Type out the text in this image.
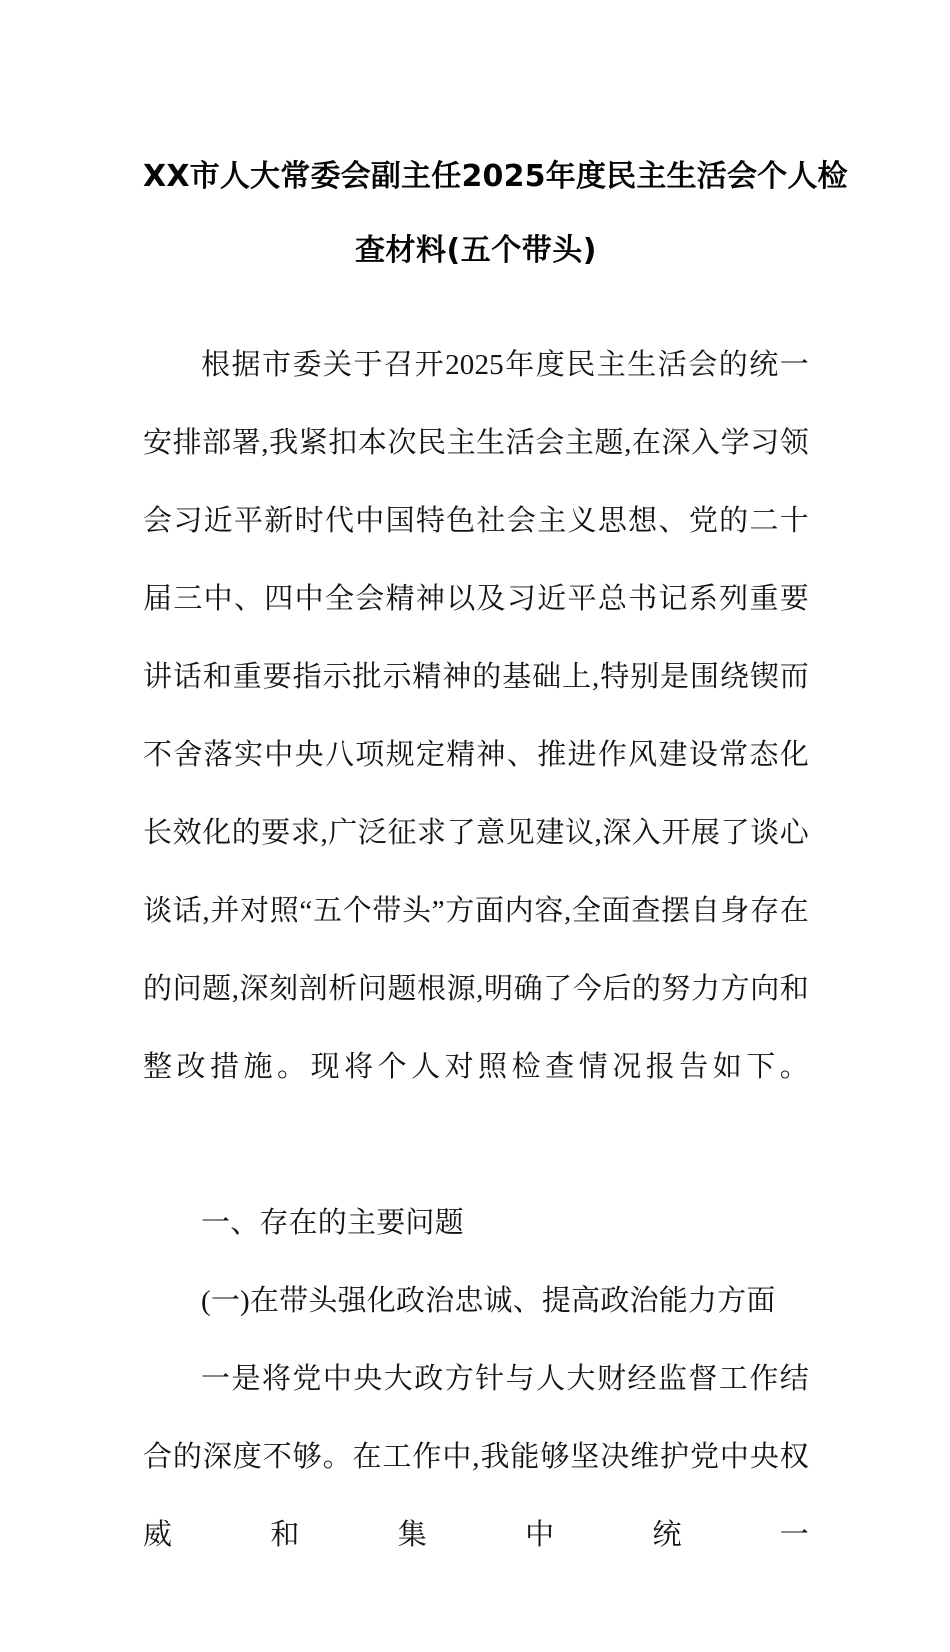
XX市人大常委会副主任2025年度民主生活会个人检
查材料(五个带头)

根据市委关于召开2025年度民主生活会的统一安排部署,我紧扣本次民主生活会主题,在深入学习领会习近平新时代中国特色社会主义思想、党的二十届三中、四中全会精神以及习近平总书记系列重要讲话和重要指示批示精神的基础上,特别是围绕锲而不舍落实中央八项规定精神、推进作风建设常态化长效化的要求,广泛征求了意见建议,深入开展了谈心谈话,并对照“五个带头”方面内容,全面查摆自身存在的问题,深刻剖析问题根源,明确了今后的努力方向和整改措施。现将个人对照检查情况报告如下。

一、存在的主要问题

(一)在带头强化政治忠诚、提高政治能力方面

一是将党中央大政方针与人大财经监督工作结合的深度不够。在工作中,我能够坚决维护党中央权威和集中统一
